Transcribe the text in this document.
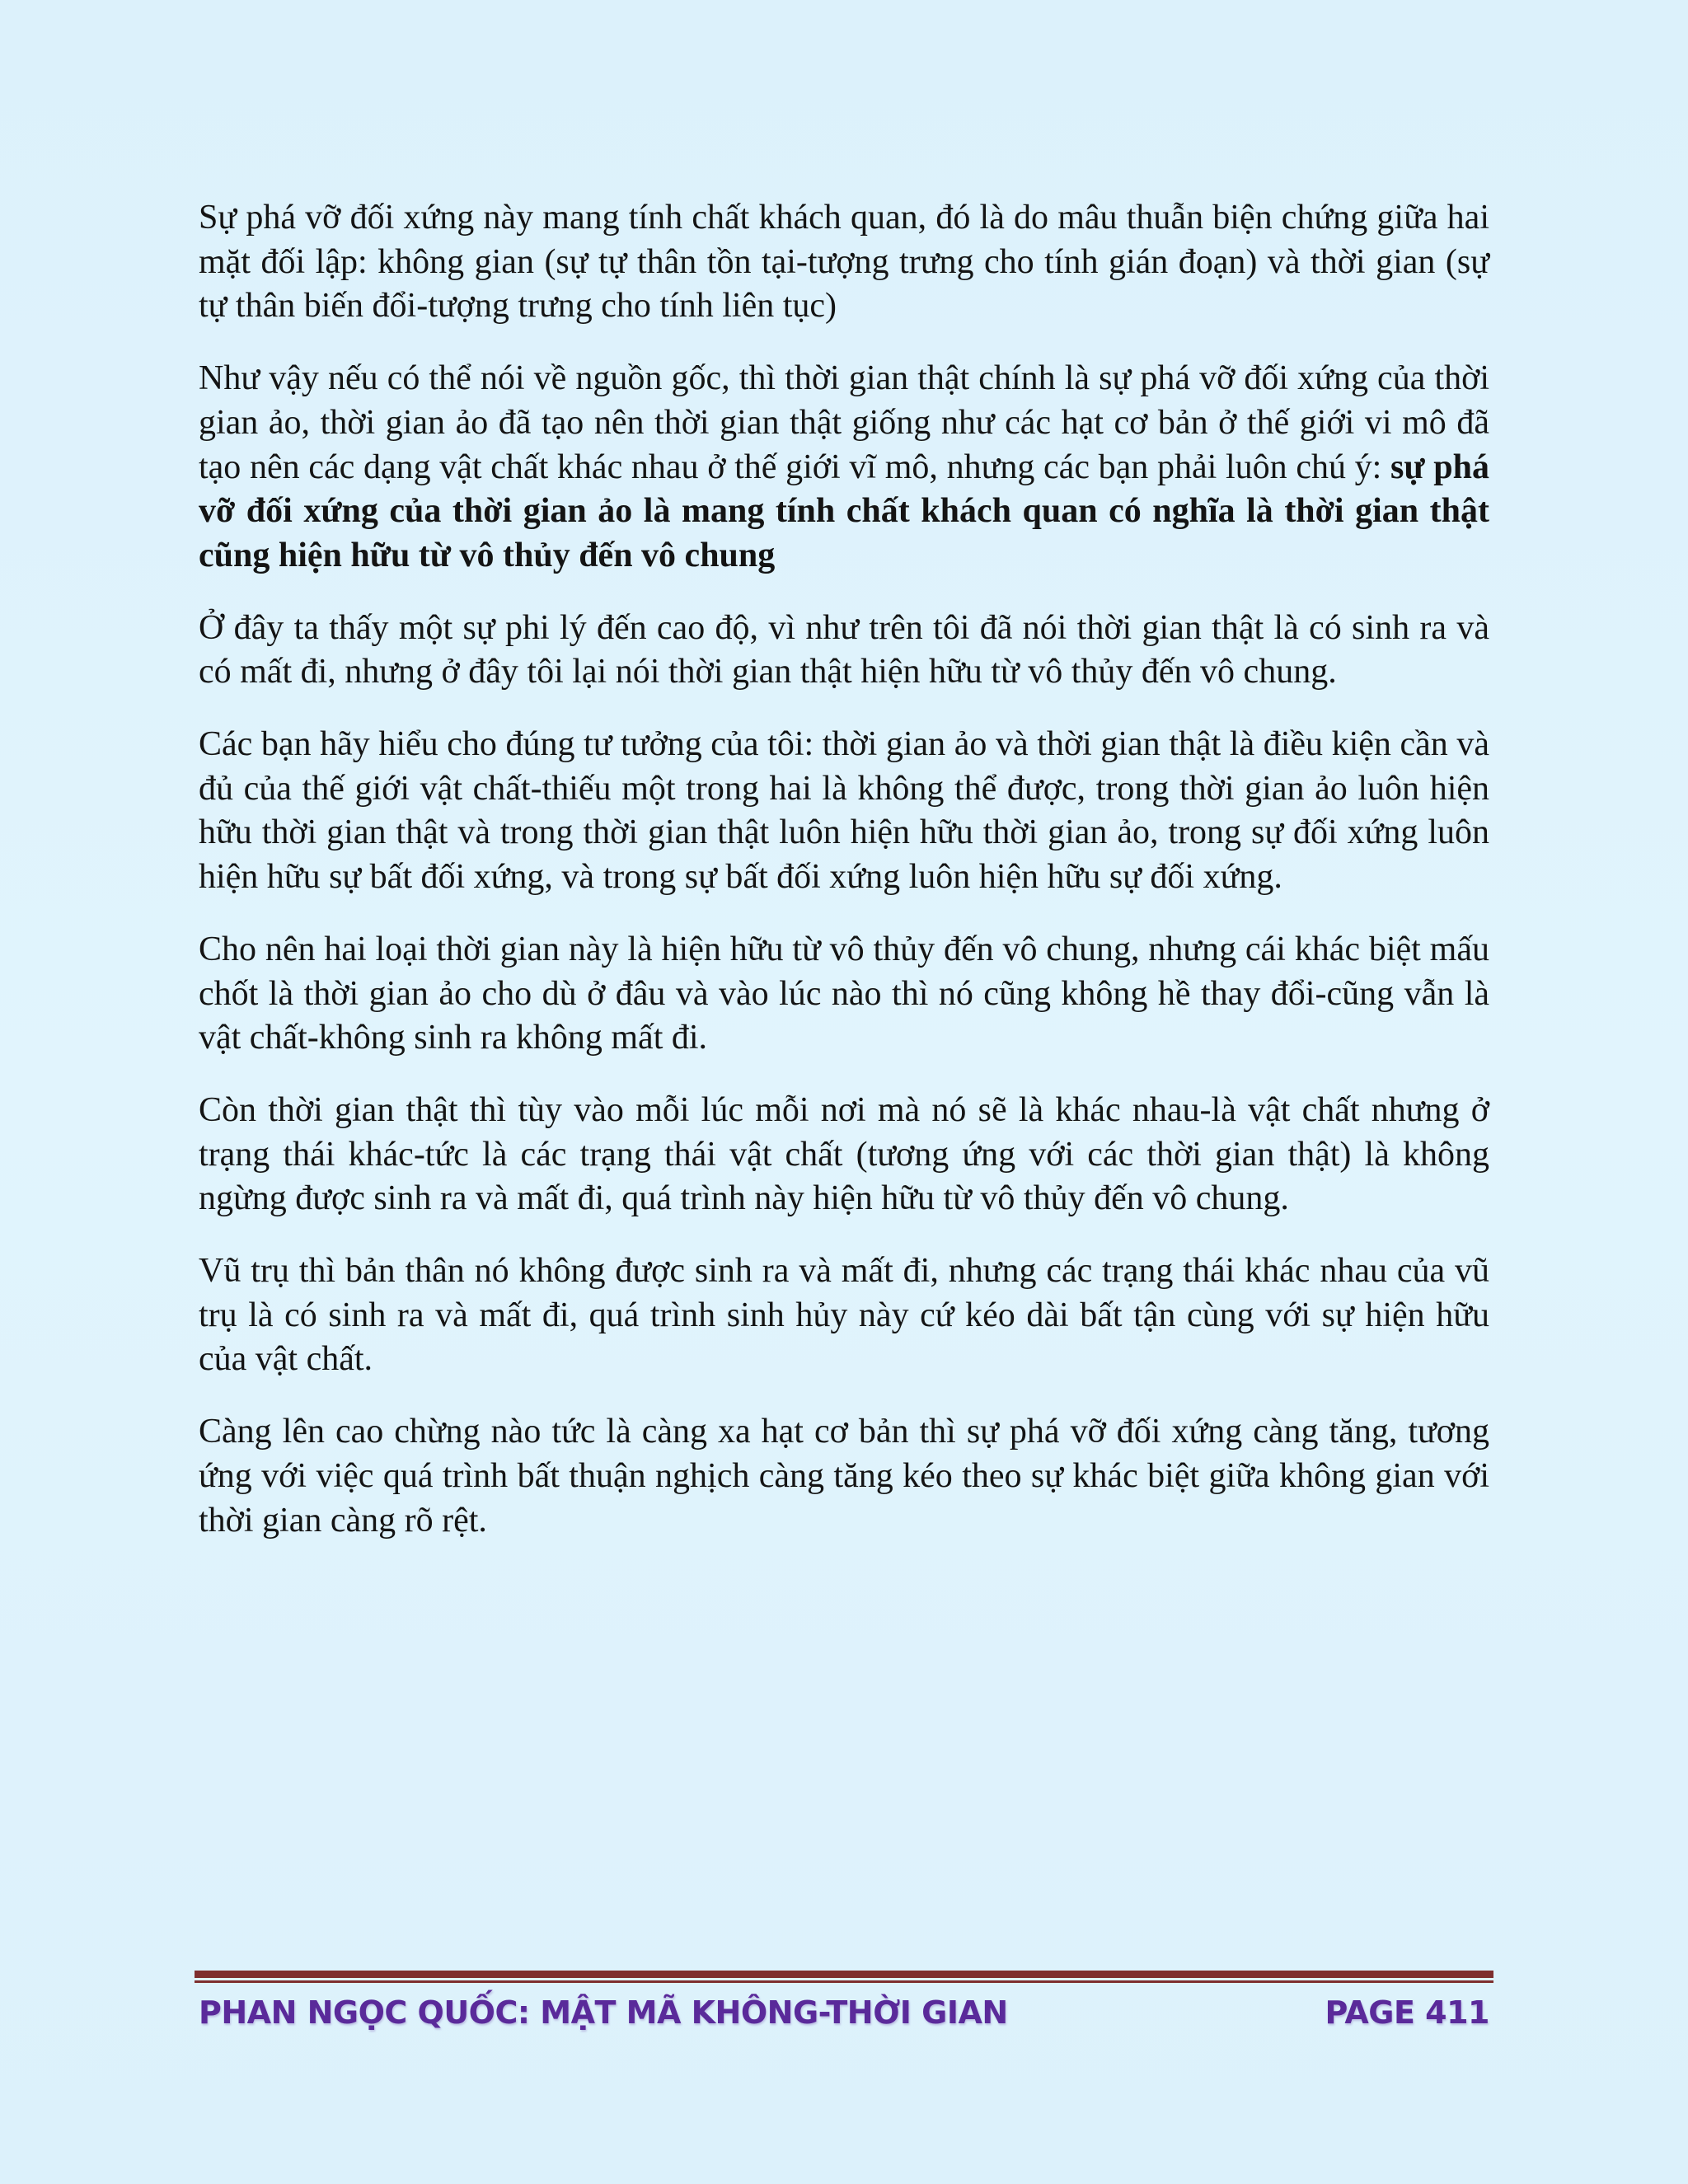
Sự phá vỡ đối xứng này mang tính chất khách quan, đó là do mâu thuẫn biện chứng giữa hai mặt đối lập: không gian (sự tự thân tồn tại-tượng trưng cho tính gián đoạn) và thời gian (sự tự thân biến đổi-tượng trưng cho tính liên tục)

Như vậy nếu có thể nói về nguồn gốc, thì thời gian thật chính là sự phá vỡ đối xứng của thời gian ảo, thời gian ảo đã tạo nên thời gian thật giống như các hạt cơ bản ở thế giới vi mô đã tạo nên các dạng vật chất khác nhau ở thế giới vĩ mô, nhưng các bạn phải luôn chú ý: sự phá vỡ đối xứng của thời gian ảo là mang tính chất khách quan có nghĩa là thời gian thật cũng hiện hữu từ vô thủy đến vô chung

Ở đây ta thấy một sự phi lý đến cao độ, vì như trên tôi đã nói thời gian thật là có sinh ra và có mất đi, nhưng ở đây tôi lại nói thời gian thật hiện hữu từ vô thủy đến vô chung.

Các bạn hãy hiểu cho đúng tư tưởng của tôi: thời gian ảo và thời gian thật là điều kiện cần và đủ của thế giới vật chất-thiếu một trong hai là không thể được, trong thời gian ảo luôn hiện hữu thời gian thật và trong thời gian thật luôn hiện hữu thời gian ảo, trong sự đối xứng luôn hiện hữu sự bất đối xứng, và trong sự bất đối xứng luôn hiện hữu sự đối xứng.

Cho nên hai loại thời gian này là hiện hữu từ vô thủy đến vô chung, nhưng cái khác biệt mấu chốt là thời gian ảo cho dù ở đâu và vào lúc nào thì nó cũng không hề thay đổi-cũng vẫn là vật chất-không sinh ra không mất đi.

Còn thời gian thật thì tùy vào mỗi lúc mỗi nơi mà nó sẽ là khác nhau-là vật chất nhưng ở trạng thái khác-tức là các trạng thái vật chất (tương ứng với các thời gian thật) là không ngừng được sinh ra và mất đi, quá trình này hiện hữu từ vô thủy đến vô chung.

Vũ trụ thì bản thân nó không được sinh ra và mất đi, nhưng các trạng thái khác nhau của vũ trụ là có sinh ra và mất đi, quá trình sinh hủy này cứ kéo dài bất tận cùng với sự hiện hữu của vật chất.

Càng lên cao chừng nào tức là càng xa hạt cơ bản thì sự phá vỡ đối xứng càng tăng, tương ứng với việc quá trình bất thuận nghịch càng tăng kéo theo sự khác biệt giữa không gian với thời gian càng rõ rệt.

PHAN NGỌC QUỐC: MẬT MÃ KHÔNG-THỜI GIAN	PAGE 411
